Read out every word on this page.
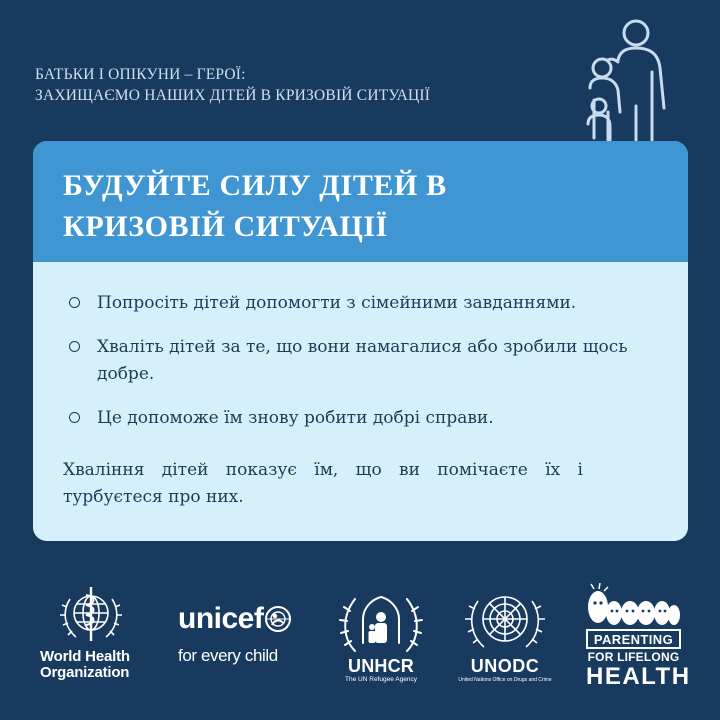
БАТЬКИ І ОПІКУНИ – ГЕРОЇ:
ЗАХИЩАЄМО НАШИХ ДІТЕЙ В КРИЗОВІЙ СИТУАЦІЇ
БУДУЙТЕ СИЛУ ДІТЕЙ В
КРИЗОВІЙ СИТУАЦІЇ
Попросіть дітей допомогти з сімейними завданнями.
Хваліть дітей за те, що вони намагалися або зробили щось добре.
Це допоможе їм знову робити добрі справи.
Хваління дітей показує їм, що ви помічаєте їх і турбуєтеся про них.
World Health
Organization
unicef
for every child
UNHCR
The UN Refugee Agency
UNODC
United Nations Office on Drugs and Crime
PARENTING
FOR LIFELONG
HEALTH
